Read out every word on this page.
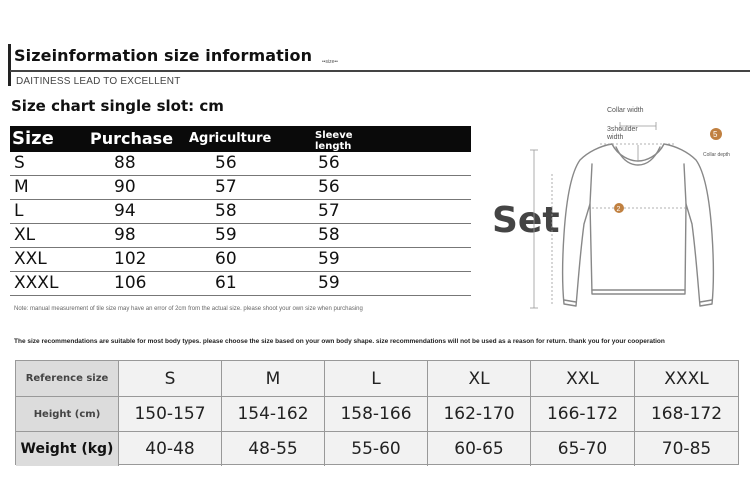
Sizeinformation size information ••size••
DAITINESS LEAD TO EXCELLENT
Size chart single slot: cm
Size Purchase Agriculture	Sleeve length
S	88	56	56
M	90	57	56
L	94	58	57
XL	98	59	58
XXL	102	60	59
XXXL	106	61	59
Note: manual measurement of tile size may have an error of 2cm from the actual size. please shoot your own size when purchasing
Set	2
5
Collar width
3shoulder width
Collar depth
The size recommendations are suitable for most body types. please choose the size based on your own body shape. size recommendations will not be used as a reason for return. thank you for your cooperation
Reference size	S	M	L	XL	XXL	XXXL
Height (cm) 150-157 154-162 158-166 162-170 166-172 168-172
Weight (kg) 40-48	48-55	55-60	60-65	65-70	70-85
